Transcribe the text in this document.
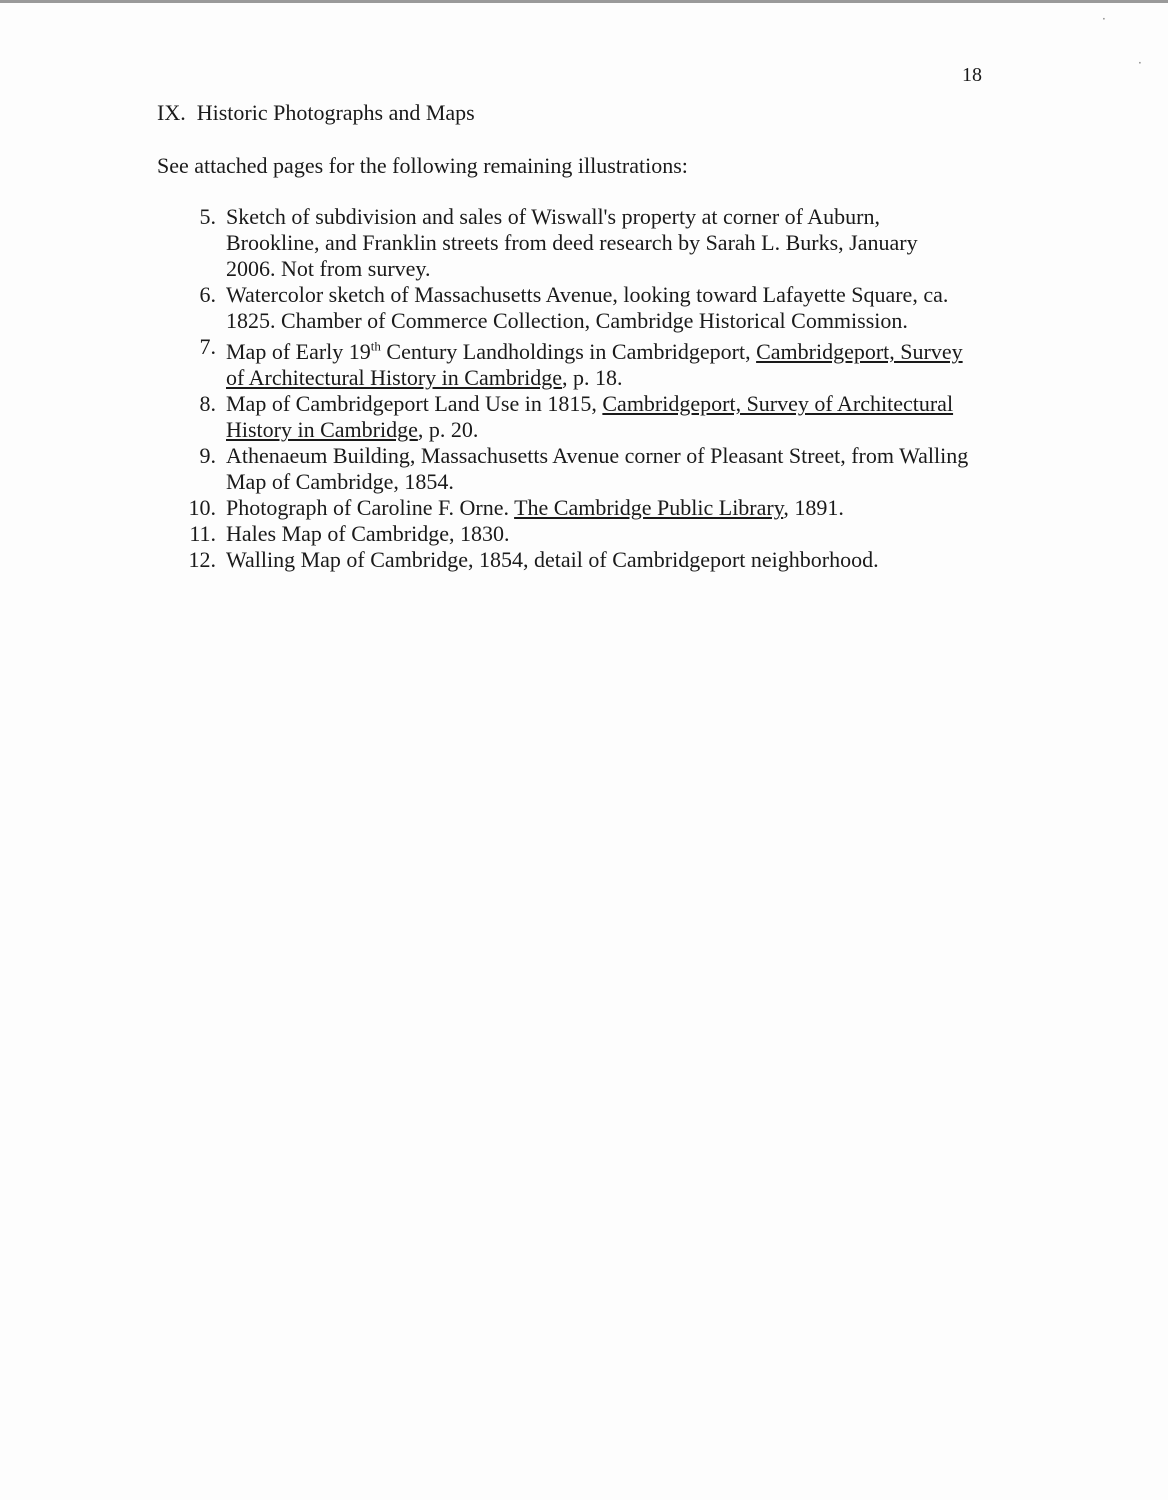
·
·
18
IX.  Historic Photographs and Maps
See attached pages for the following remaining illustrations:
5. Sketch of subdivision and sales of Wiswall's property at corner of Auburn, Brookline, and Franklin streets from deed research by Sarah L. Burks, January 2006. Not from survey.
6. Watercolor sketch of Massachusetts Avenue, looking toward Lafayette Square, ca. 1825. Chamber of Commerce Collection, Cambridge Historical Commission.
7. Map of Early 19th Century Landholdings in Cambridgeport, Cambridgeport, Survey of Architectural History in Cambridge, p. 18.
8. Map of Cambridgeport Land Use in 1815, Cambridgeport, Survey of Architectural History in Cambridge, p. 20.
9. Athenaeum Building, Massachusetts Avenue corner of Pleasant Street, from Walling Map of Cambridge, 1854.
10. Photograph of Caroline F. Orne. The Cambridge Public Library, 1891.
11. Hales Map of Cambridge, 1830.
12. Walling Map of Cambridge, 1854, detail of Cambridgeport neighborhood.
